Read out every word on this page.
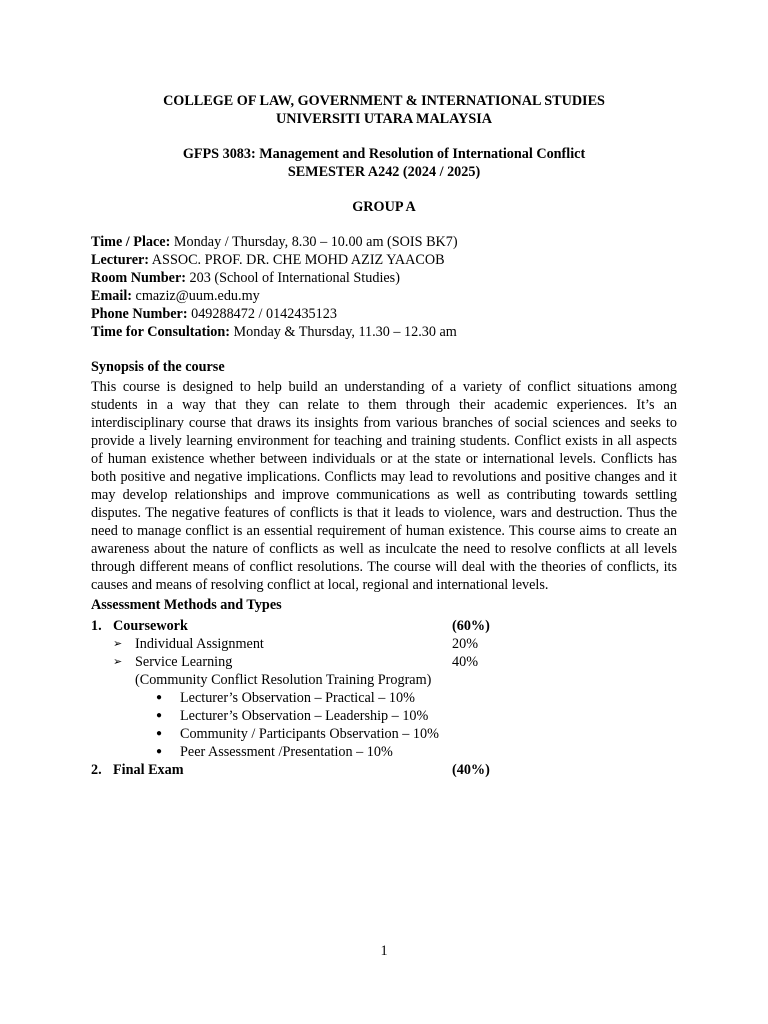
COLLEGE OF LAW, GOVERNMENT & INTERNATIONAL STUDIES
UNIVERSITI UTARA MALAYSIA
GFPS 3083: Management and Resolution of International Conflict
SEMESTER A242 (2024 / 2025)
GROUP A
Time / Place: Monday / Thursday, 8.30 – 10.00 am (SOIS BK7)
Lecturer: ASSOC. PROF. DR. CHE MOHD AZIZ YAACOB
Room Number: 203 (School of International Studies)
Email: cmaziz@uum.edu.my
Phone Number: 049288472 / 0142435123
Time for Consultation: Monday & Thursday, 11.30 – 12.30 am
Synopsis of the course

This course is designed to help build an understanding of a variety of conflict situations among students in a way that they can relate to them through their academic experiences. It’s an interdisciplinary course that draws its insights from various branches of social sciences and seeks to provide a lively learning environment for teaching and training students. Conflict exists in all aspects of human existence whether between individuals or at the state or international levels. Conflicts has both positive and negative implications. Conflicts may lead to revolutions and positive changes and it may develop relationships and improve communications as well as contributing towards settling disputes. The negative features of conflicts is that it leads to violence, wars and destruction. Thus the need to manage conflict is an essential requirement of human existence. This course aims to create an awareness about the nature of conflicts as well as inculcate the need to resolve conflicts at all levels through different means of conflict resolutions. The course will deal with the theories of conflicts, its causes and means of resolving conflict at local, regional and international levels.

Assessment Methods and Types
1. Coursework	(60%)
➢ Individual Assignment	20%
➢ Service Learning	40%
(Community Conflict Resolution Training Program)
● Lecturer’s Observation – Practical – 10%
● Lecturer’s Observation – Leadership – 10%
● Community / Participants Observation – 10%
● Peer Assessment /Presentation – 10%
2. Final Exam	(40%)
1
